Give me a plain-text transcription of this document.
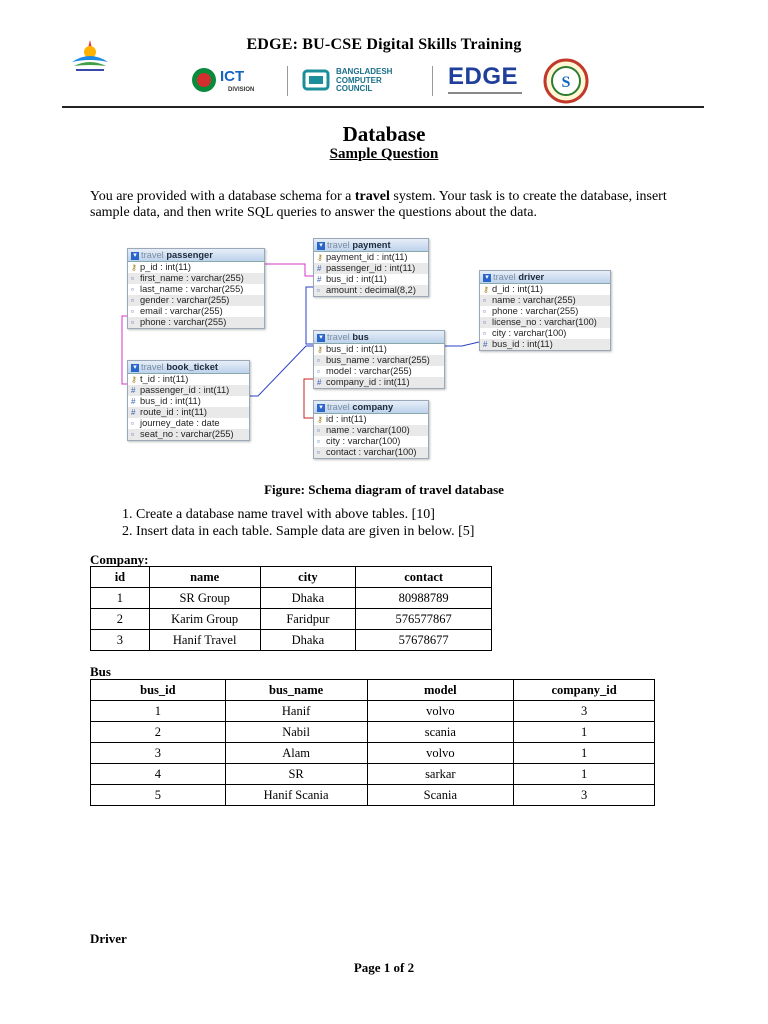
EDGE: BU-CSE Digital Skills Training
ICT
DIVISION
BANGLADESH COMPUTER COUNCIL	EDGE	S
Database
Sample Question
You are provided with a database schema for a travel system. Your task is to create the database, insert sample data, and then write SQL queries to answer the questions about the data.
▾ travel passenger
⚷ p_id : int(11)
▫ first_name : varchar(255)
▫ last_name : varchar(255)
▫ gender : varchar(255)
▫ email : varchar(255)
▫ phone : varchar(255)
▾ travel payment
⚷ payment_id : int(11)
# passenger_id : int(11)
# bus_id : int(11)
▫ amount : decimal(8,2)
▾ travel driver
⚷ d_id : int(11)
▫ name : varchar(255)
▫ phone : varchar(255)
▫ license_no : varchar(100)
▫ city : varchar(100)
# bus_id : int(11)
▾ travel bus
⚷ bus_id : int(11)
▫ bus_name : varchar(255)
▫ model : varchar(255)
# company_id : int(11)
▾ travel book_ticket
⚷ t_id : int(11)
# passenger_id : int(11)
# bus_id : int(11)
# route_id : int(11)
▫ journey_date : date
▫ seat_no : varchar(255)
▾ travel company
⚷ id : int(11)
▫ name : varchar(100)
▫ city : varchar(100)
▫ contact : varchar(100)
Figure: Schema diagram of travel database
1. Create a database name travel with above tables. [10]
2. Insert data in each table. Sample data are given in below. [5]
Company:
id	name	city	contact
1	SR Group	Dhaka	80988789
2	Karim Group	Faridpur	576577867
3	Hanif Travel	Dhaka	57678677
Bus
bus_id	bus_name	model	company_id
1	Hanif	volvo	3
2	Nabil	scania	1
3	Alam	volvo	1
4	SR	sarkar	1
5	Hanif Scania	Scania	3
Driver
Page 1 of 2
